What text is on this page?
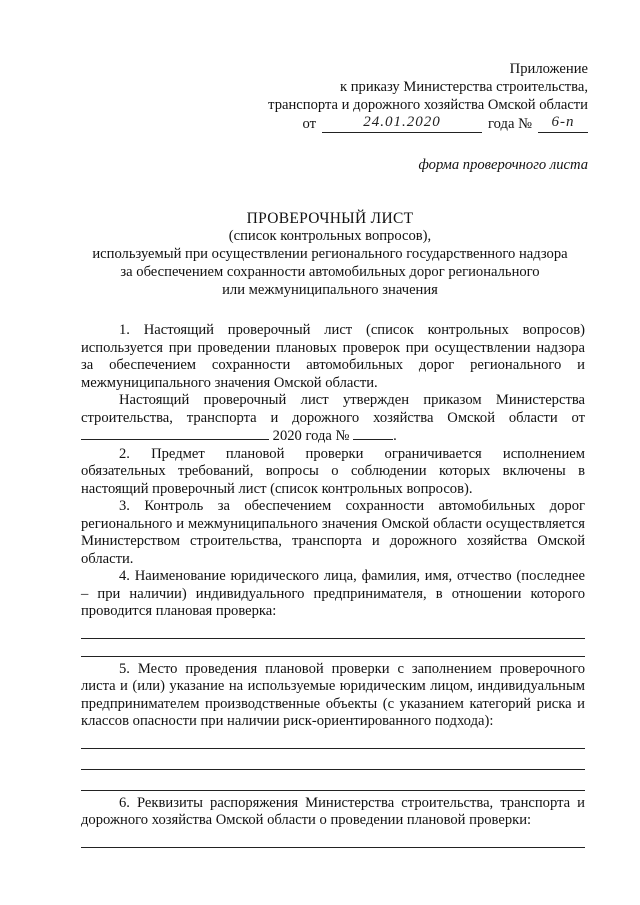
Приложение
к приказу Министерства строительства,
транспорта и дорожного хозяйства Омской области
от	24.01.2020	года №	6-п
форма проверочного листа
ПРОВЕРОЧНЫЙ ЛИСТ
(список контрольных вопросов),
используемый при осуществлении регионального государственного надзора
за обеспечением сохранности автомобильных дорог регионального
или межмуниципального значения

1. Настоящий проверочный лист (список контрольных вопросов) используется при проведении плановых проверок при осуществлении надзора за обеспечением сохранности автомобильных дорог регионального и межмуниципального значения Омской области.

Настоящий проверочный лист утвержден приказом Министерства строительства, транспорта и дорожного хозяйства Омской области от  2020 года №	.

2. Предмет плановой проверки ограничивается исполнением обязательных требований, вопросы о соблюдении которых включены в настоящий проверочный лист (список контрольных вопросов).

3. Контроль за обеспечением сохранности автомобильных дорог регионального и межмуниципального значения Омской области осуществляется Министерством строительства, транспорта и дорожного хозяйства Омской области.

4. Наименование юридического лица, фамилия, имя, отчество (последнее – при наличии) индивидуального предпринимателя, в отношении которого проводится плановая проверка:

5. Место проведения плановой проверки с заполнением проверочного листа и (или) указание на используемые юридическим лицом, индивидуальным предпринимателем производственные объекты (с указанием категорий риска и классов опасности при наличии риск-ориентированного подхода):

6. Реквизиты распоряжения Министерства строительства, транспорта и дорожного хозяйства Омской области о проведении плановой проверки:
